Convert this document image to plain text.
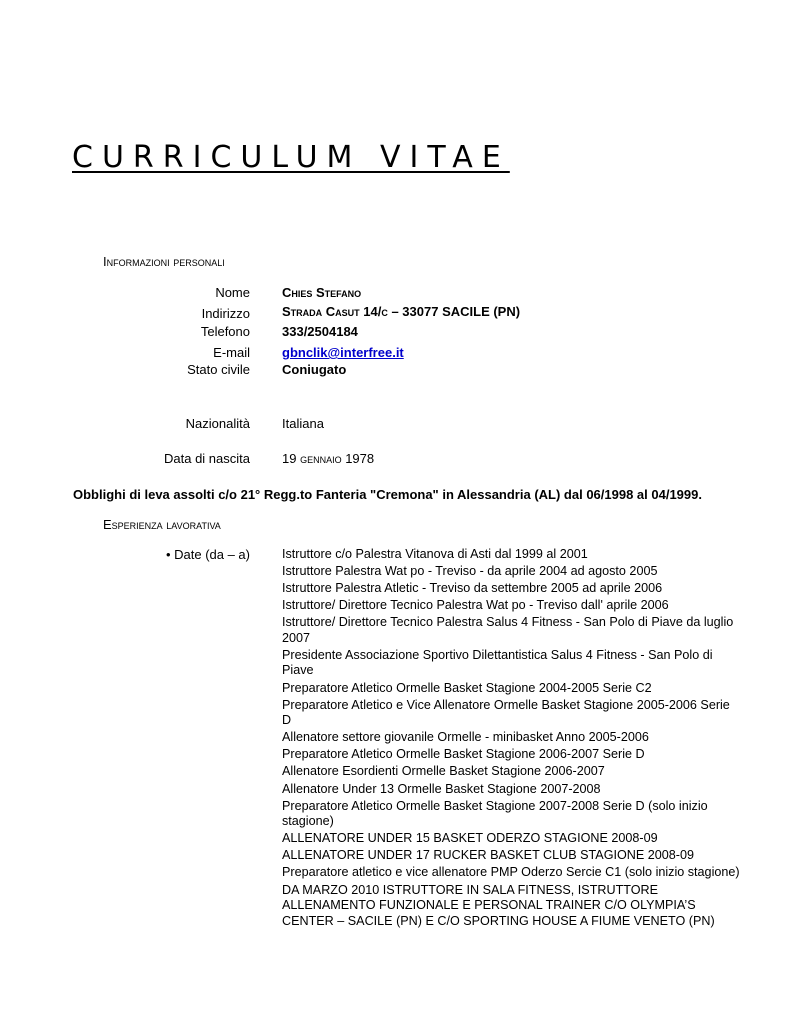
CURRICULUM VITAE
Informazioni personali
Nome Chies Stefano
Indirizzo Strada Casut 14/c – 33077 SACILE (PN)
Telefono 333/2504184
E-mail gbnclik@interfree.it
Stato civile Coniugato
Nazionalità Italiana
Data di nascita 19 gennaio 1978
Obblighi di leva assolti c/o 21° Regg.to Fanteria "Cremona" in Alessandria (AL) dal 06/1998 al 04/1999.
Esperienza lavorativa
• Date (da – a)	Istruttore c/o Palestra Vitanova di Asti dal 1999 al 2001
Istruttore Palestra Wat po - Treviso - da aprile 2004 ad agosto 2005
Istruttore Palestra Atletic - Treviso da settembre 2005 ad aprile 2006
Istruttore/ Direttore Tecnico Palestra Wat po - Treviso dall' aprile 2006
Istruttore/ Direttore Tecnico Palestra Salus 4 Fitness - San Polo di Piave da luglio 2007
Presidente Associazione Sportivo Dilettantistica Salus 4 Fitness - San Polo di Piave
Preparatore Atletico Ormelle Basket Stagione 2004-2005 Serie C2
Preparatore Atletico e Vice Allenatore Ormelle Basket Stagione 2005-2006 Serie D
Allenatore settore giovanile Ormelle - minibasket Anno 2005-2006
Preparatore Atletico Ormelle Basket Stagione 2006-2007 Serie D
Allenatore Esordienti Ormelle Basket Stagione 2006-2007
Allenatore Under 13 Ormelle Basket Stagione 2007-2008
Preparatore Atletico Ormelle Basket Stagione 2007-2008 Serie D (solo inizio stagione)
ALLENATORE UNDER 15 BASKET ODERZO STAGIONE 2008-09
ALLENATORE UNDER 17 RUCKER BASKET CLUB STAGIONE 2008-09
Preparatore atletico e vice allenatore PMP Oderzo Sercie C1 (solo inizio stagione)
DA MARZO 2010 ISTRUTTORE IN SALA FITNESS, ISTRUTTORE ALLENAMENTO FUNZIONALE E PERSONAL TRAINER C/O OLYMPIA’S CENTER – SACILE (PN) E C/O SPORTING HOUSE A FIUME VENETO (PN)
